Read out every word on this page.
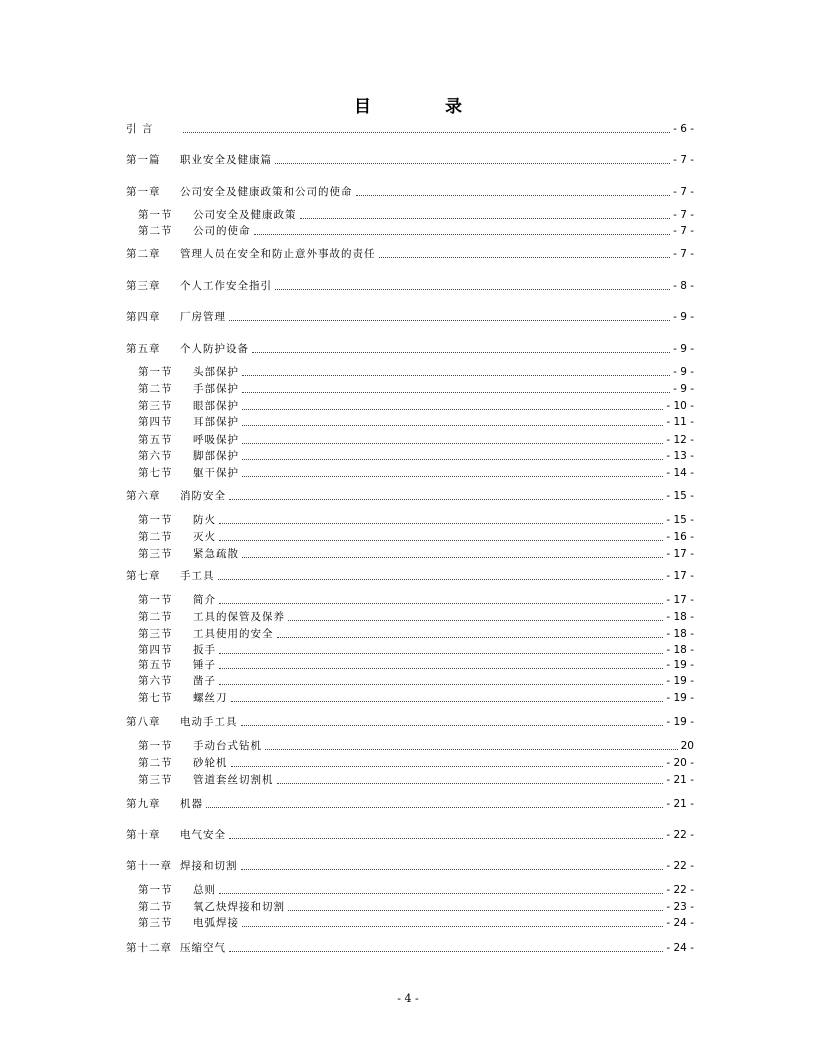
目 录
引 言	- 6 -
第一篇	职业安全及健康篇	- 7 -
第一章	公司安全及健康政策和公司的使命	- 7 -
第一节	公司安全及健康政策	- 7 -
第二节	公司的使命	- 7 -
第二章	管理人员在安全和防止意外事故的责任	- 7 -
第三章	个人工作安全指引	- 8 -
第四章	厂房管理	- 9 -
第五章	个人防护设备	- 9 -
第一节	头部保护	- 9 -
第二节	手部保护	- 9 -
第三节	眼部保护	- 10 -
第四节	耳部保护	- 11 -
第五节	呼吸保护	- 12 -
第六节	脚部保护	- 13 -
第七节	躯干保护	- 14 -
第六章	消防安全	- 15 -
第一节	防火	- 15 -
第二节	灭火	- 16 -
第三节	紧急疏散	- 17 -
第七章	手工具	- 17 -
第一节	简介	- 17 -
第二节	工具的保管及保养	- 18 -
第三节	工具使用的安全	- 18 -
第四节	扳手	- 18 -
第五节	锤子	- 19 -
第六节	凿子	- 19 -
第七节	螺丝刀	- 19 -
第八章	电动手工具	- 19 -
第一节	手动台式钻机	20
第二节	砂轮机	- 20 -
第三节	管道套丝切割机	- 21 -
第九章	机器	- 21 -
第十章	电气安全	- 22 -
第十一章 焊接和切割	- 22 -
第一节	总则	- 22 -
第二节	氧乙炔焊接和切割	- 23 -
第三节	电弧焊接	- 24 -
第十二章 压缩空气	- 24 -
- 4 -
